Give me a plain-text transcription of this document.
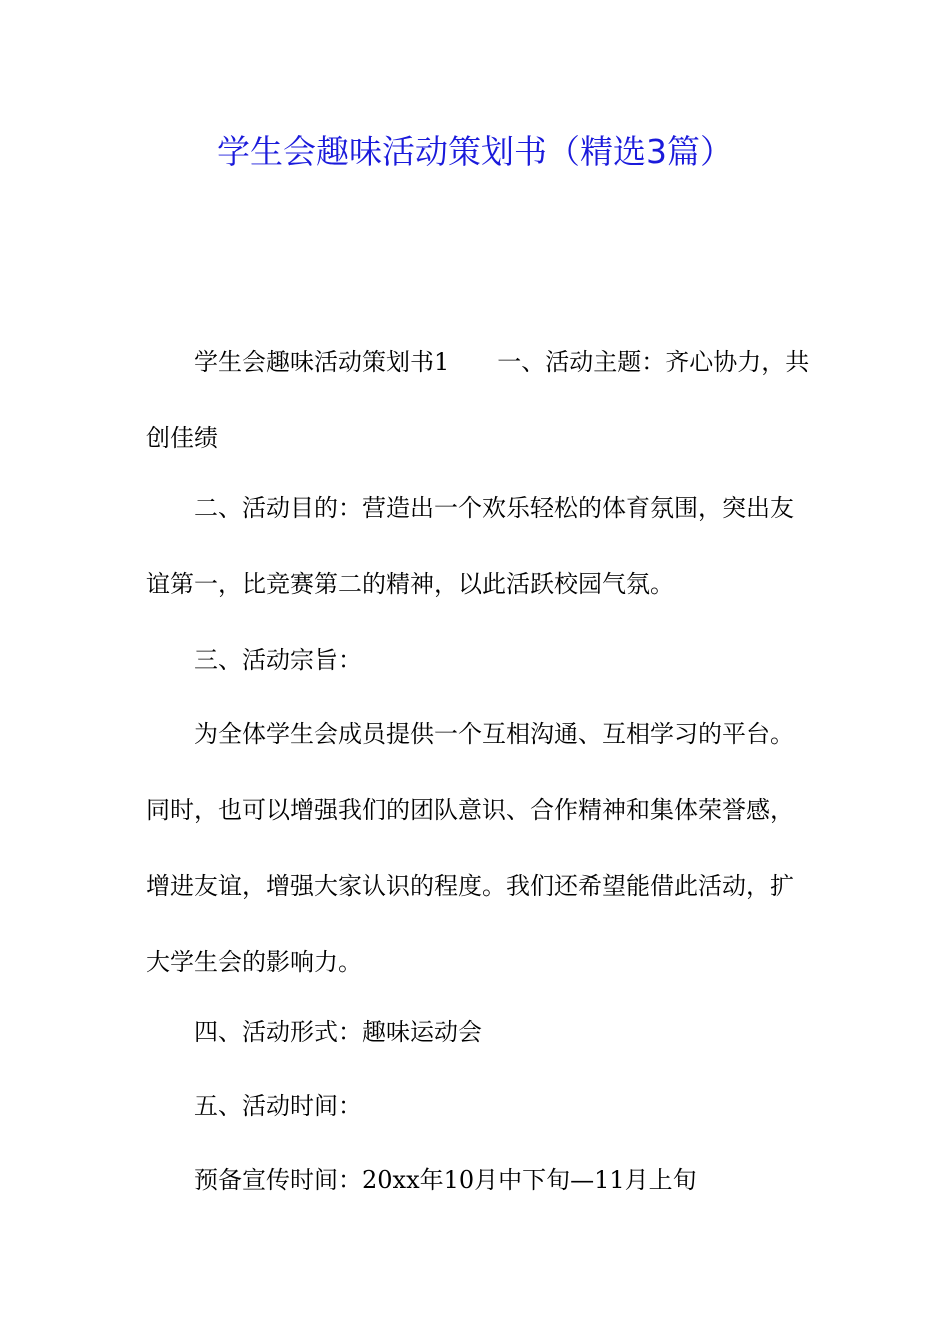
学生会趣味活动策划书（精选3篇）

学生会趣味活动策划书1　　一、活动主题：齐心协力，共创佳绩

二、活动目的：营造出一个欢乐轻松的体育氛围，突出友谊第一，比竞赛第二的精神，以此活跃校园气氛。

三、活动宗旨：

为全体学生会成员提供一个互相沟通、互相学习的平台。同时，也可以增强我们的团队意识、合作精神和集体荣誉感，增进友谊，增强大家认识的程度。我们还希望能借此活动，扩大学生会的影响力。

四、活动形式：趣味运动会

五、活动时间：

预备宣传时间：20xx年10月中下旬—11月上旬
